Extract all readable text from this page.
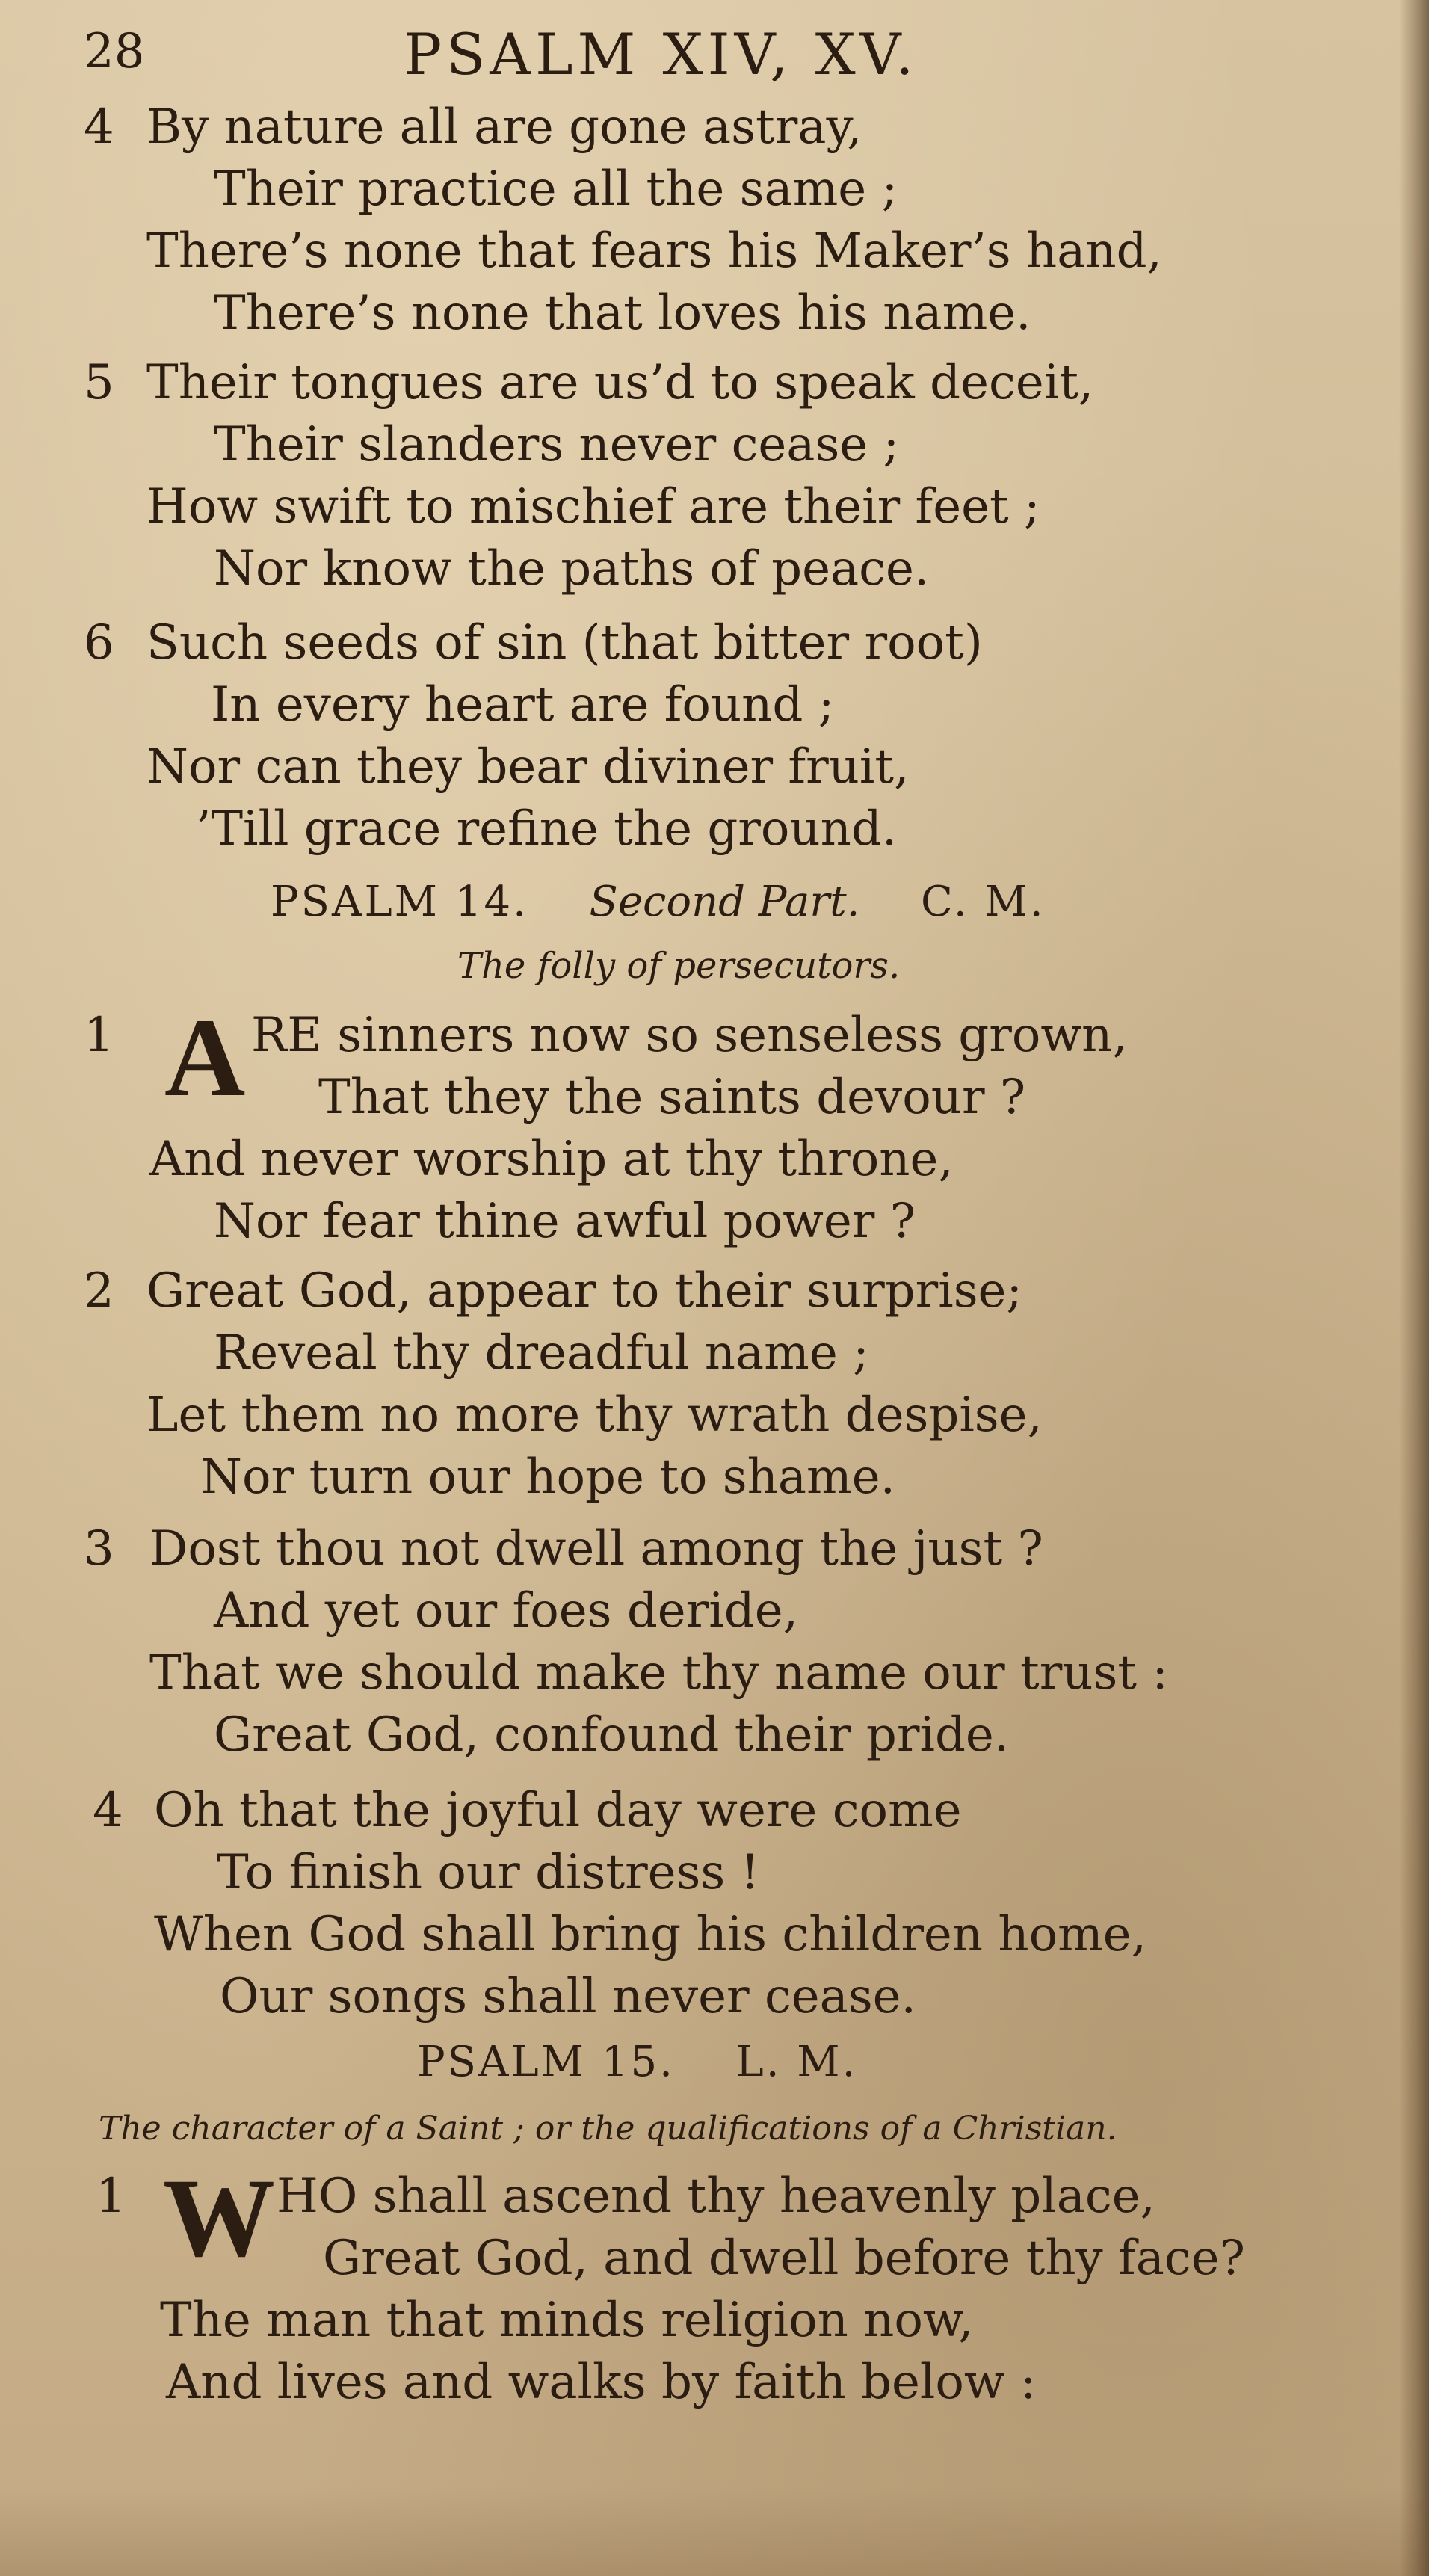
28	PSALM XIV, XV.
4 By nature all are gone astray,
Their practice all the same ;
There’s none that fears his Maker’s hand,
There’s none that loves his name.
5 Their tongues are us’d to speak deceit,
Their slanders never cease ;
How swift to mischief are their feet ;
Nor know the paths of peace.
6 Such seeds of sin (that bitter root)
In every heart are found ;
Nor can they bear diviner fruit,
’Till grace refine the ground.
PSALM 14. Second Part. C. M.
The folly of persecutors.
1 A RE sinners now so senseless grown,
That they the saints devour ?
And never worship at thy throne,
Nor fear thine awful power ?
2 Great God, appear to their surprise;
Reveal thy dreadful name ;
Let them no more thy wrath despise,
Nor turn our hope to shame.
3 Dost thou not dwell among the just ?
And yet our foes deride,
That we should make thy name our trust :
Great God, confound their pride.
4 Oh that the joyful day were come
To finish our distress !
When God shall bring his children home,
Our songs shall never cease.
PSALM 15. L. M.
The character of a Saint ; or the qualifications of a Christian.
1 W HO shall ascend thy heavenly place,
Great God, and dwell before thy face?
The man that minds religion now,
And lives and walks by faith below :
